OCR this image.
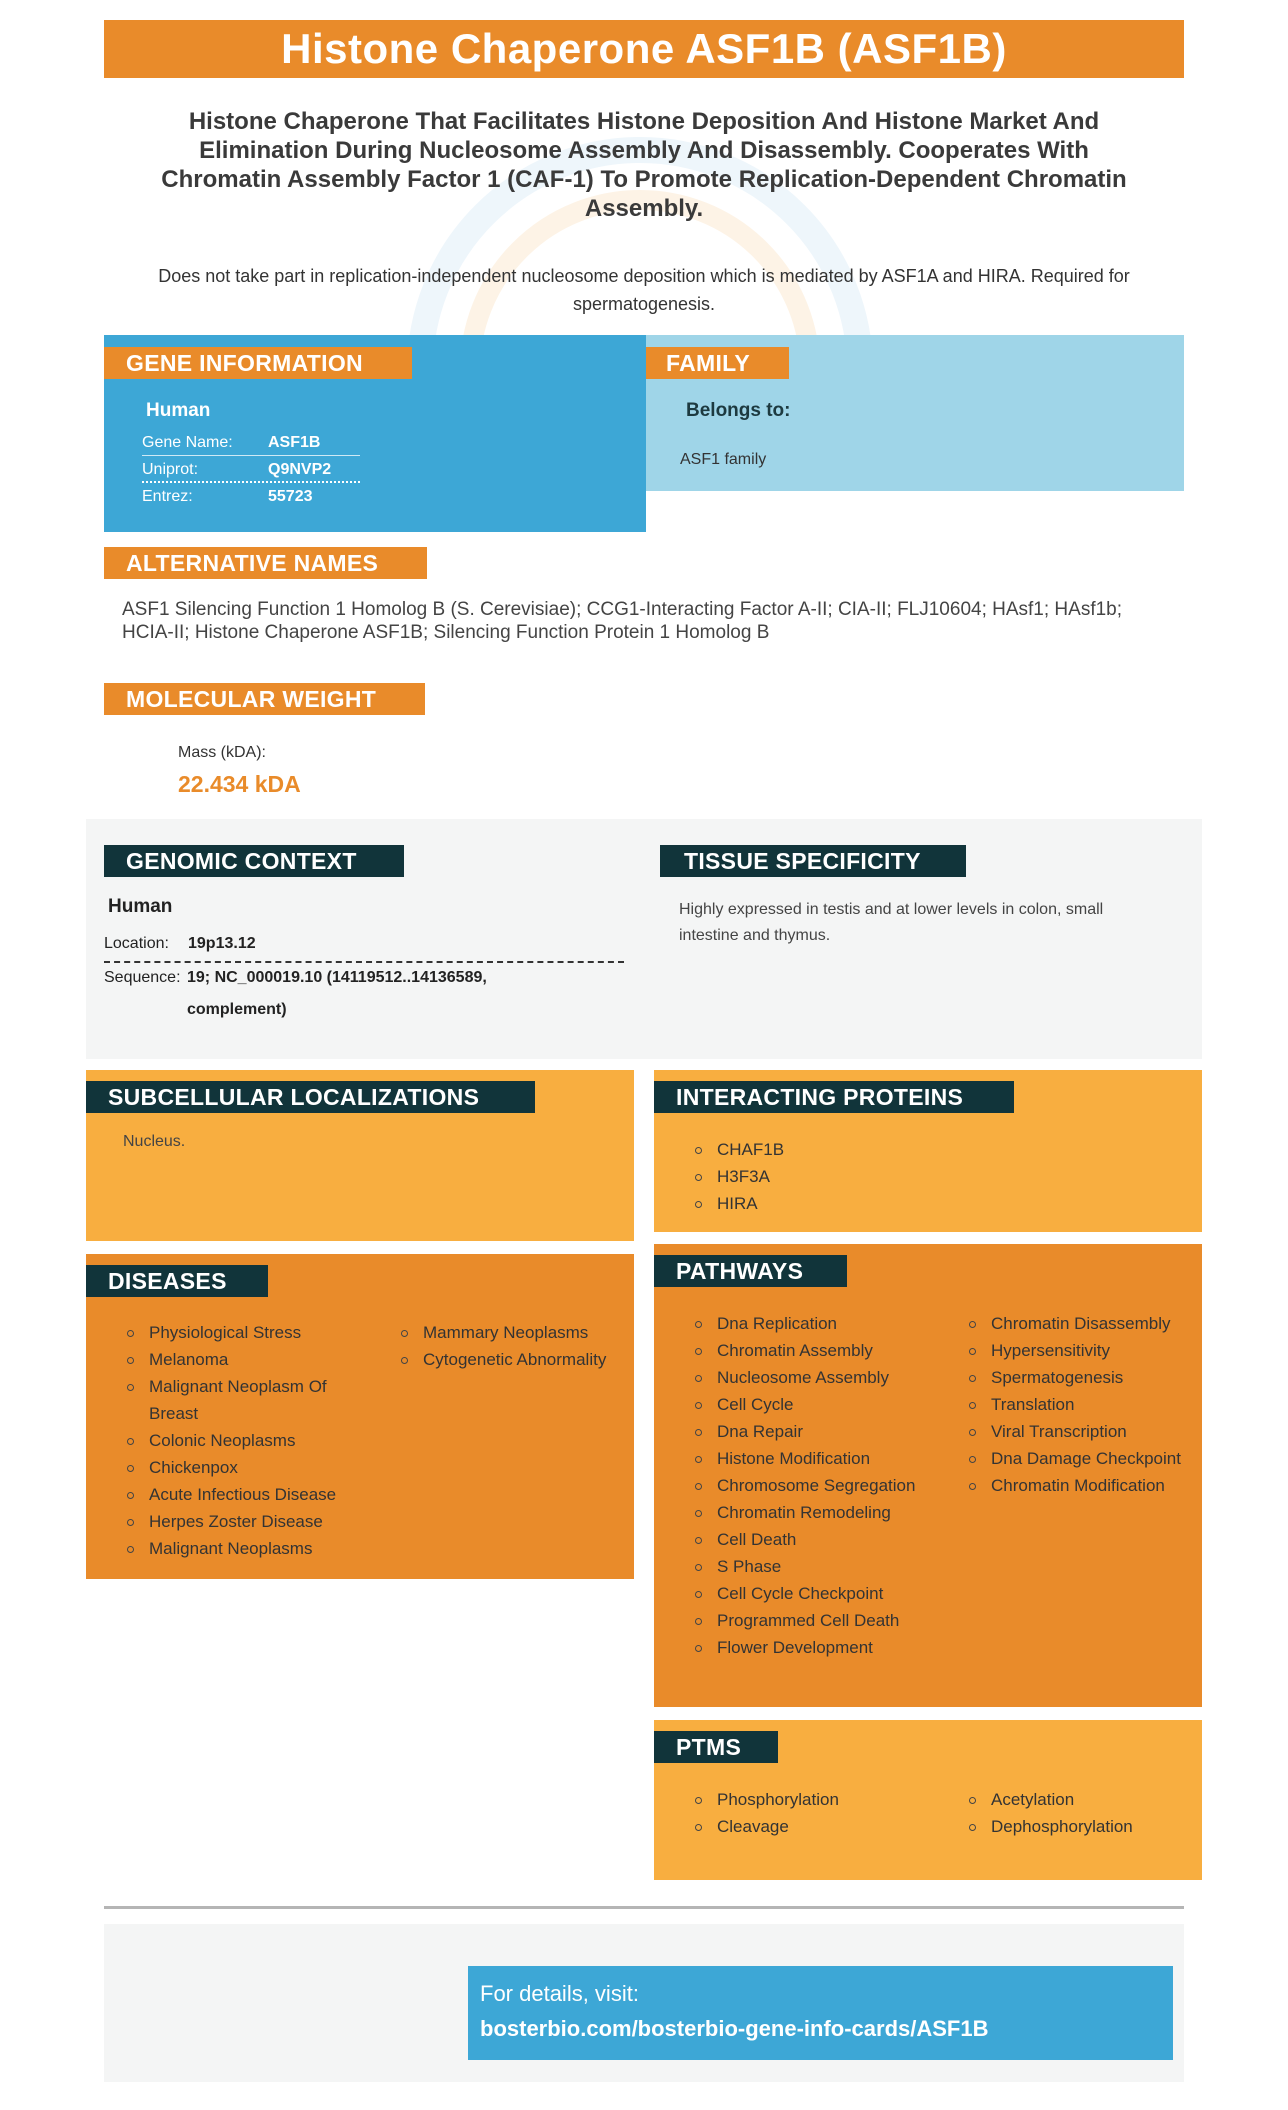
Histone Chaperone ASF1B (ASF1B)
Histone Chaperone That Facilitates Histone Deposition And Histone Market And Elimination During Nucleosome Assembly And Disassembly. Cooperates With Chromatin Assembly Factor 1 (CAF-1) To Promote Replication-Dependent Chromatin Assembly.
Does not take part in replication-independent nucleosome deposition which is mediated by ASF1A and HIRA. Required for spermatogenesis.
GENE INFORMATION
Human
Gene Name: ASF1B
Uniprot:	Q9NVP2
Entrez:	55723
FAMILY
Belongs to:
ASF1 family
ALTERNATIVE NAMES
ASF1 Silencing Function 1 Homolog B (S. Cerevisiae); CCG1-Interacting Factor A-II; CIA-II; FLJ10604; HAsf1; HAsf1b; HCIA-II; Histone Chaperone ASF1B; Silencing Function Protein 1 Homolog B
MOLECULAR WEIGHT
Mass (kDA):
22.434 kDA
GENOMIC CONTEXT
Human
Location: 19p13.12
Sequence: 19; NC_000019.10 (14119512..14136589,
complement)
TISSUE SPECIFICITY
Highly expressed in testis and at lower levels in colon, small intestine and thymus.
SUBCELLULAR LOCALIZATIONS
Nucleus.
INTERACTING PROTEINS
CHAF1B
H3F3A
HIRA
DISEASES
Physiological Stress
Melanoma
Malignant Neoplasm Of Breast
Colonic Neoplasms
Chickenpox
Acute Infectious Disease
Herpes Zoster Disease
Malignant Neoplasms
Mammary Neoplasms
Cytogenetic Abnormality
PATHWAYS
Dna Replication
Chromatin Assembly
Nucleosome Assembly
Cell Cycle
Dna Repair
Histone Modification
Chromosome Segregation
Chromatin Remodeling
Cell Death
S Phase
Cell Cycle Checkpoint
Programmed Cell Death
Flower Development
Chromatin Disassembly
Hypersensitivity
Spermatogenesis
Translation
Viral Transcription
Dna Damage Checkpoint
Chromatin Modification
PTMS
Phosphorylation
Cleavage
Acetylation
Dephosphorylation
For details, visit:
bosterbio.com/bosterbio-gene-info-cards/ASF1B
